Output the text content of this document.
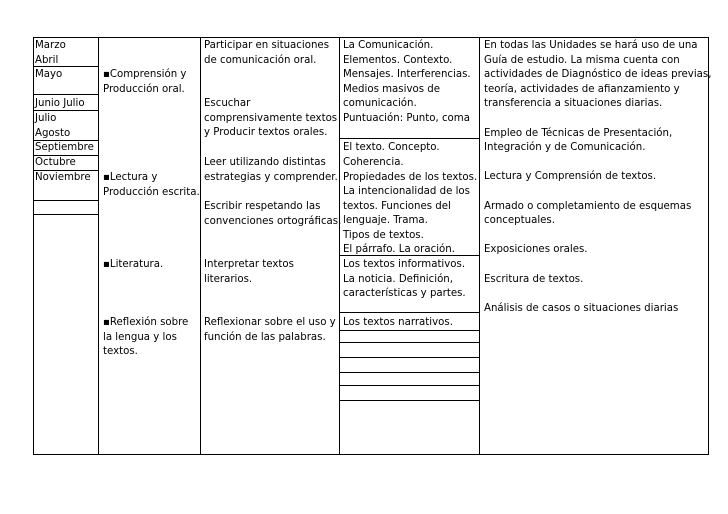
Marzo
Abril
Mayo
Junio Julio
Julio
Agosto
Septiembre
Octubre
Noviembre
▪Comprensión y
Producción oral.
▪Lectura y
Producción escrita.
▪Literatura.
▪Reflexión sobre
la lengua y los
textos.
Participar en situaciones
de comunicación oral.
Escuchar
comprensivamente textos
y Producir textos orales.
Leer utilizando distintas
estrategias y comprender.
Escribir respetando las
convenciones ortográficas.
Interpretar textos
literarios.
Reflexionar sobre el uso y
función de las palabras.
La Comunicación.
Elementos. Contexto.
Mensajes. Interferencias.
Medios masivos de
comunicación.
Puntuación: Punto, coma
El texto. Concepto.
Coherencia.
Propiedades de los textos.
La intencionalidad de los
textos. Funciones del
lenguaje. Trama.
Tipos de textos.
El párrafo. La oración.
Los textos informativos.
La noticia. Definición,
características y partes.
Los textos narrativos.
En todas las Unidades se hará uso de una
Guía de estudio. La misma cuenta con
actividades de Diagnóstico de ideas previas,
teoría, actividades de afianzamiento y
transferencia a situaciones diarias.
Empleo de Técnicas de Presentación,
Integración y de Comunicación.
Lectura y Comprensión de textos.
Armado o completamiento de esquemas
conceptuales.
Exposiciones orales.
Escritura de textos.
Análisis de casos o situaciones diarias
